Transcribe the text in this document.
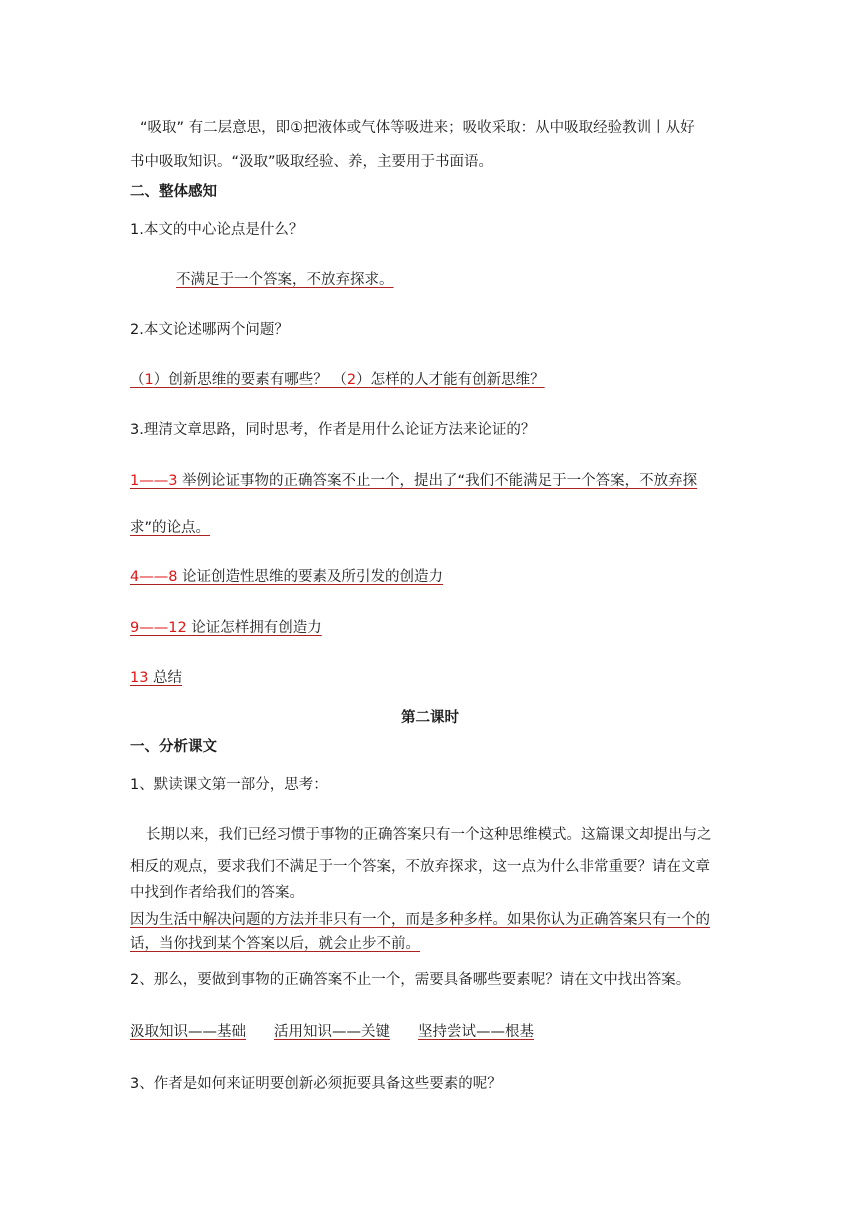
“吸取” 有二层意思，即①把液体或气体等吸进来；吸收采取：从中吸取经验教训丨从好
书中吸取知识。“汲取”吸取经验、养，主要用于书面语。
二、整体感知
1.本文的中心论点是什么？
不满足于一个答案，不放弃探求。
2.本文论述哪两个问题？
（1）创新思维的要素有哪些？ （2）怎样的人才能有创新思维？
3.理清文章思路，同时思考，作者是用什么论证方法来论证的？
1——3 举例论证事物的正确答案不止一个，提出了“我们不能满足于一个答案，不放弃探
求”的论点。
4——8 论证创造性思维的要素及所引发的创造力
9——12 论证怎样拥有创造力
13 总结
第二课时
一、分析课文
1、默读课文第一部分，思考：
长期以来，我们已经习惯于事物的正确答案只有一个这种思维模式。这篇课文却提出与之
相反的观点，要求我们不满足于一个答案，不放弃探求，这一点为什么非常重要？请在文章
中找到作者给我们的答案。
因为生活中解决问题的方法并非只有一个，而是多种多样。如果你认为正确答案只有一个的
话，当你找到某个答案以后，就会止步不前。
2、那么，要做到事物的正确答案不止一个，需要具备哪些要素呢？请在文中找出答案。
汲取知识——基础 活用知识——关键 坚持尝试——根基
3、作者是如何来证明要创新必须扼要具备这些要素的呢？
